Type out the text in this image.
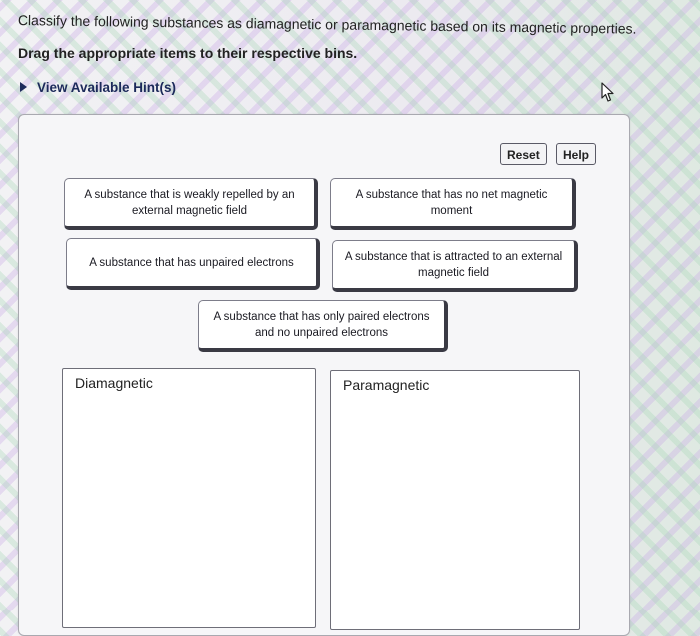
Classify the following substances as diamagnetic or paramagnetic based on its magnetic properties.
Drag the appropriate items to their respective bins.
View Available Hint(s)
Reset	Help
A substance that is weakly repelled by an external magnetic field
A substance that has no net magnetic moment
A substance that has unpaired electrons	A substance that is attracted to an external magnetic field
A substance that has only paired electrons and no unpaired electrons
Diamagnetic	Paramagnetic
